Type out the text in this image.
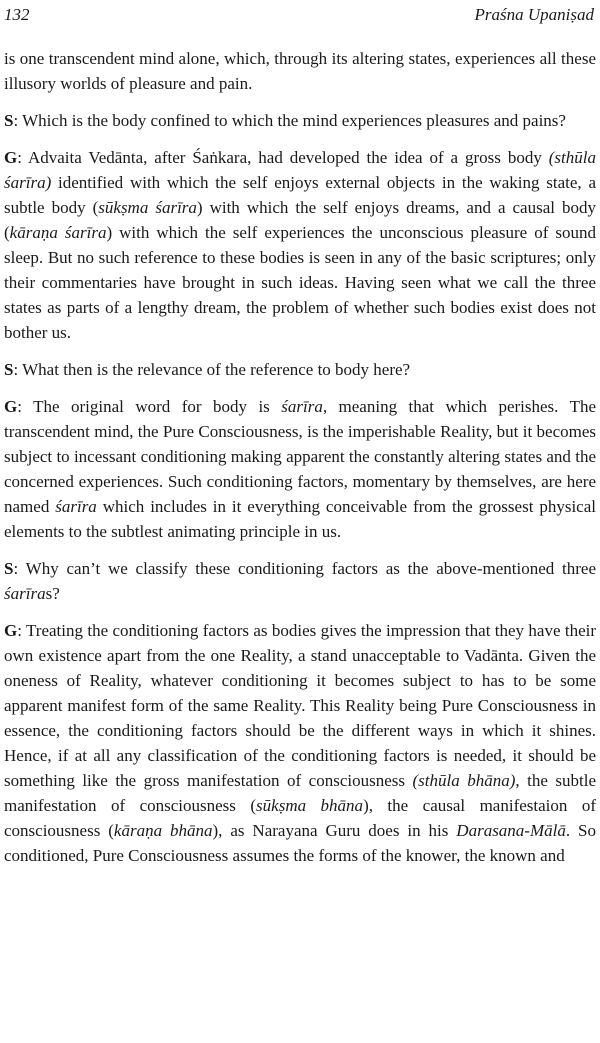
132	Praśna Upaniṣad

is one transcendent mind alone, which, through its altering states, experiences all these illusory worlds of pleasure and pain.

S: Which is the body confined to which the mind experiences pleasures and pains?

G: Advaita Vedānta, after Śaṅkara, had developed the idea of a gross body (sthūla śarīra) identified with which the self enjoys external objects in the waking state, a subtle body (sūkṣma śarīra) with which the self enjoys dreams, and a causal body (kāraṇa śarīra) with which the self experiences the unconscious pleasure of sound sleep. But no such reference to these bodies is seen in any of the basic scriptures; only their commentaries have brought in such ideas. Having seen what we call the three states as parts of a lengthy dream, the problem of whether such bodies exist does not bother us.

S: What then is the relevance of the reference to body here?

G: The original word for body is śarīra, meaning that which perishes. The transcendent mind, the Pure Consciousness, is the imperishable Reality, but it becomes subject to incessant conditioning making apparent the constantly altering states and the concerned experiences. Such conditioning factors, momentary by themselves, are here named śarīra which includes in it everything conceivable from the grossest physical elements to the subtlest animating principle in us.

S: Why can’t we classify these conditioning factors as the above-mentioned three śarīras?

G: Treating the conditioning factors as bodies gives the impression that they have their own existence apart from the one Reality, a stand unacceptable to Vadānta. Given the oneness of Reality, whatever conditioning it becomes subject to has to be some apparent manifest form of the same Reality. This Reality being Pure Consciousness in essence, the conditioning factors should be the different ways in which it shines. Hence, if at all any classification of the conditioning factors is needed, it should be something like the gross manifestation of consciousness (sthūla bhāna), the subtle manifestation of consciousness (sūkṣma bhāna), the causal manifestaion of consciousness (kāraṇa bhāna), as Narayana Guru does in his Darasana-Mālā. So conditioned, Pure Consciousness assumes the forms of the knower, the known and
